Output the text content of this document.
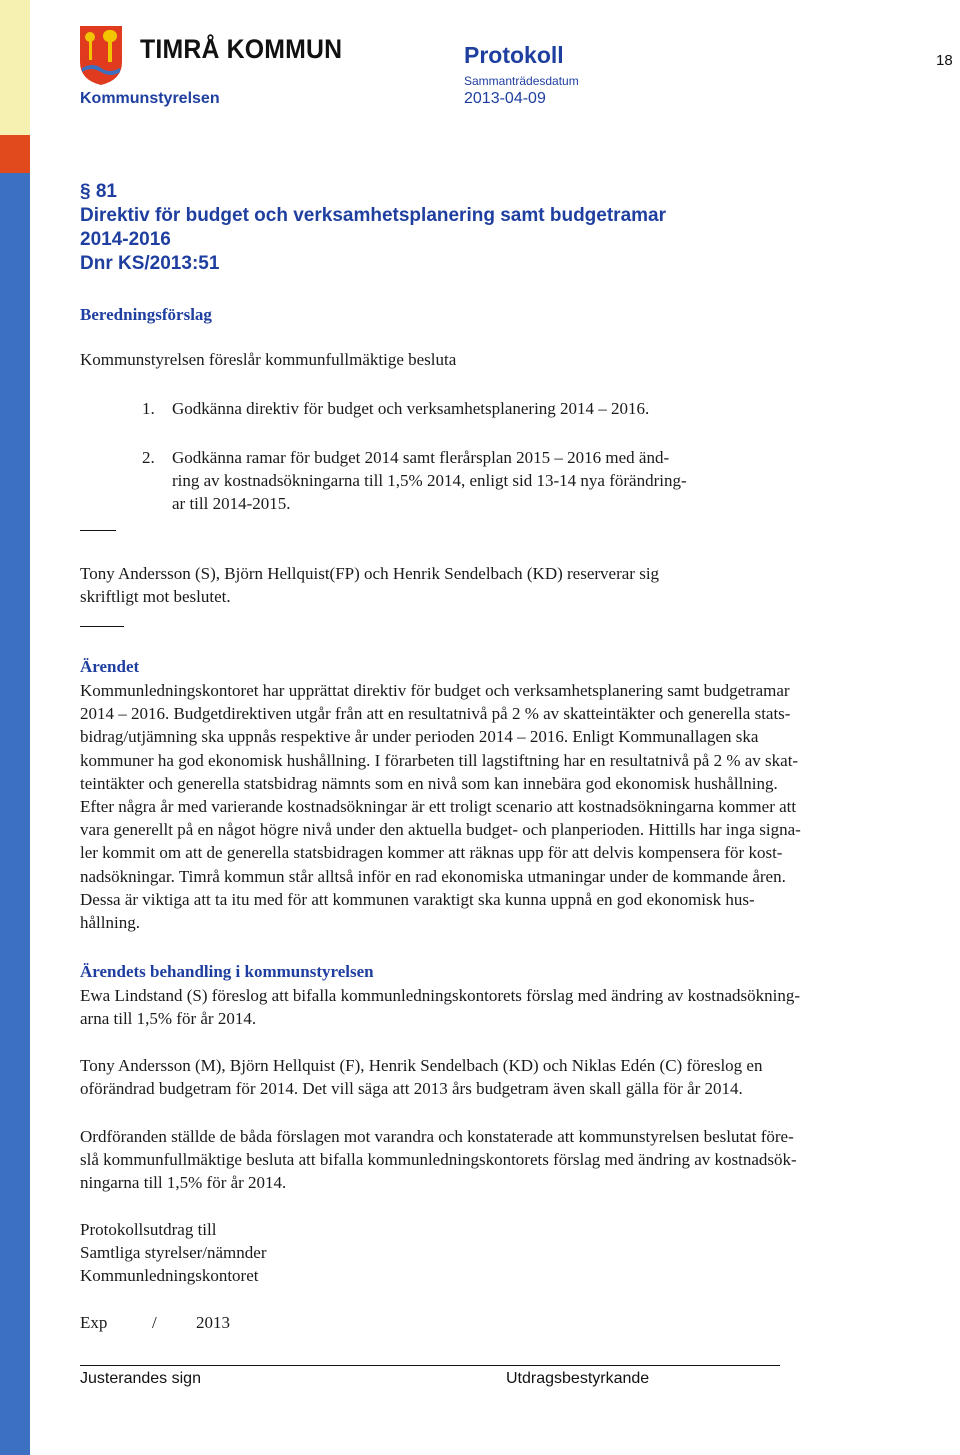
TIMRÅ KOMMUN
Kommunstyrelsen
Protokoll
Sammanträdesdatum
2013-04-09
18
§ 81
Direktiv för budget och verksamhetsplanering samt budgetramar
2014-2016
Dnr KS/2013:51
Beredningsförslag
Kommunstyrelsen föreslår kommunfullmäktige besluta
1. Godkänna direktiv för budget och verksamhetsplanering 2014 – 2016.
2. Godkänna ramar för budget 2014 samt flerårsplan 2015 – 2016 med änd-
ring av kostnadsökningarna till 1,5% 2014, enligt sid 13-14 nya förändring-
ar till 2014-2015.
Tony Andersson (S), Björn Hellquist(FP) och Henrik Sendelbach (KD) reserverar sig
skriftligt mot beslutet.
Ärendet
Kommunledningskontoret har upprättat direktiv för budget och verksamhetsplanering samt budgetramar
2014 – 2016. Budgetdirektiven utgår från att en resultatnivå på 2 % av skatteintäkter och generella stats-
bidrag/utjämning ska uppnås respektive år under perioden 2014 – 2016. Enligt Kommunallagen ska
kommuner ha god ekonomisk hushållning. I förarbeten till lagstiftning har en resultatnivå på 2 % av skat-
teintäkter och generella statsbidrag nämnts som en nivå som kan innebära god ekonomisk hushållning.
Efter några år med varierande kostnadsökningar är ett troligt scenario att kostnadsökningarna kommer att
vara generellt på en något högre nivå under den aktuella budget- och planperioden. Hittills har inga signa-
ler kommit om att de generella statsbidragen kommer att räknas upp för att delvis kompensera för kost-
nadsökningar. Timrå kommun står alltså inför en rad ekonomiska utmaningar under de kommande åren.
Dessa är viktiga att ta itu med för att kommunen varaktigt ska kunna uppnå en god ekonomisk hus-
hållning.
Ärendets behandling i kommunstyrelsen
Ewa Lindstand (S) föreslog att bifalla kommunledningskontorets förslag med ändring av kostnadsökning-
arna till 1,5% för år 2014.
Tony Andersson (M), Björn Hellquist (F), Henrik Sendelbach (KD) och Niklas Edén (C) föreslog en
oförändrad budgetram för 2014. Det vill säga att 2013 års budgetram även skall gälla för år 2014.
Ordföranden ställde de båda förslagen mot varandra och konstaterade att kommunstyrelsen beslutat före-
slå kommunfullmäktige besluta att bifalla kommunledningskontorets förslag med ändring av kostnadsök-
ningarna till 1,5% för år 2014.
Protokollsutdrag till
Samtliga styrelser/nämnder
Kommunledningskontoret
Exp	/ 2013
Justerandes sign	Utdragsbestyrkande
